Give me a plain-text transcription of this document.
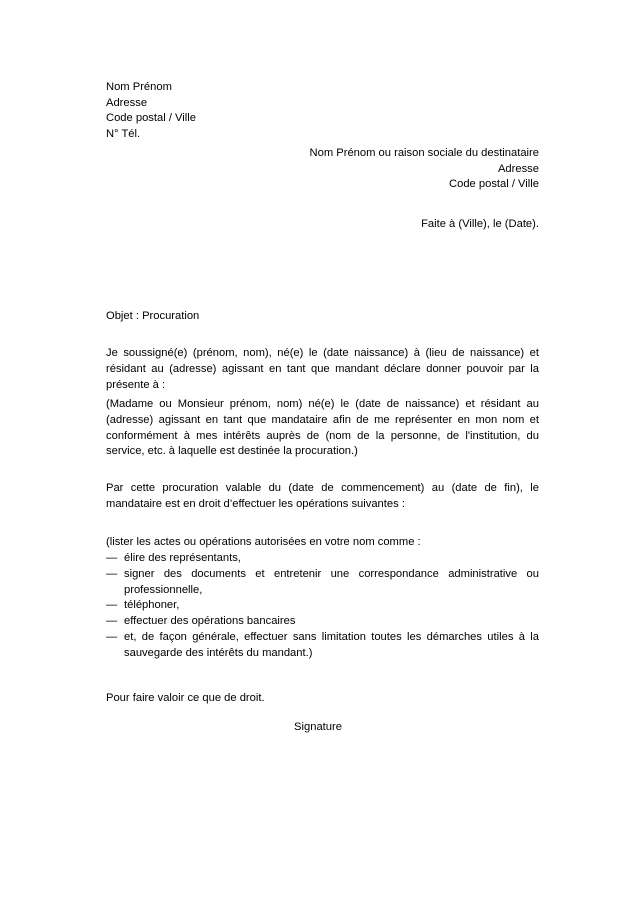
Nom Prénom
Adresse
Code postal / Ville
N° Tél.
Nom Prénom ou raison sociale du destinataire
Adresse
Code postal / Ville
Faite à (Ville), le (Date).
Objet : Procuration
Je soussigné(e) (prénom, nom), né(e) le (date naissance) à (lieu de naissance) et résidant au (adresse) agissant en tant que mandant déclare donner pouvoir par la présente à :
(Madame ou Monsieur prénom, nom) né(e) le (date de naissance) et résidant au (adresse) agissant en tant que mandataire afin de me représenter en mon nom et conformément à mes intérêts auprès de (nom de la personne, de l'institution, du service, etc. à laquelle est destinée la procuration.)
Par cette procuration valable du (date de commencement) au (date de fin), le mandataire est en droit d’effectuer les opérations suivantes :
(lister les actes ou opérations autorisées en votre nom comme :
— élire des représentants,
— signer des documents et entretenir une correspondance administrative ou professionnelle,
— téléphoner,
— effectuer des opérations bancaires
— et, de façon générale, effectuer sans limitation toutes les démarches utiles à la sauvegarde des intérêts du mandant.)
Pour faire valoir ce que de droit.
Signature
